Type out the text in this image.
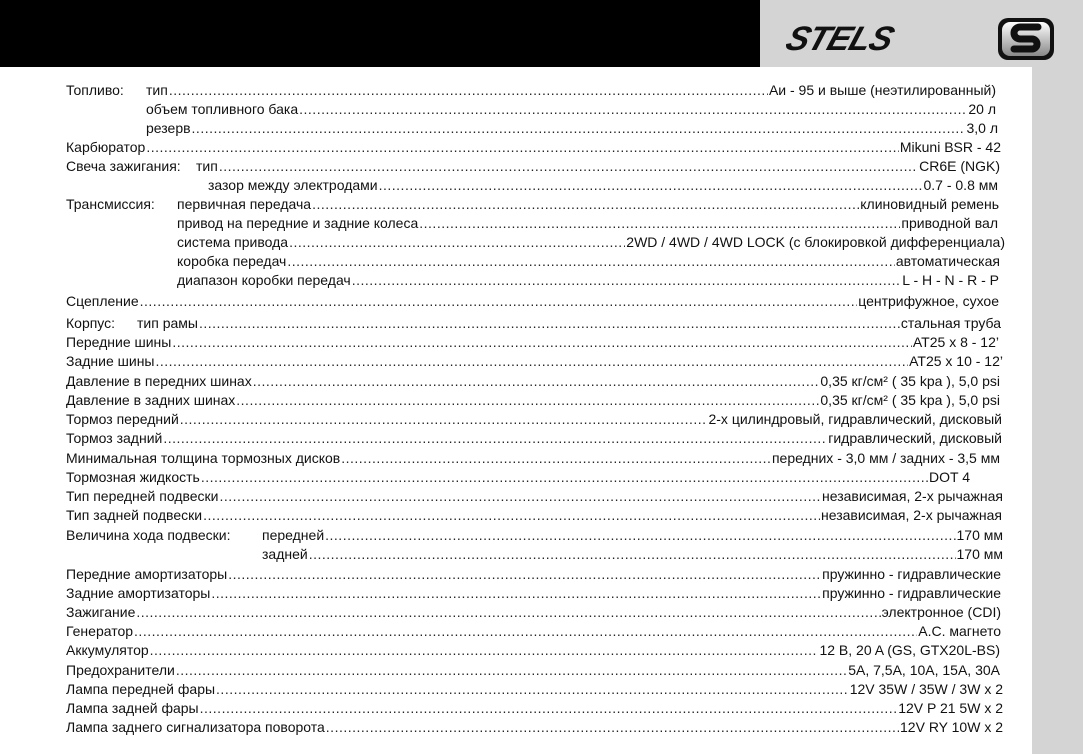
STELS
Топливо: тип .....	Аи - 95 и выше (неэтилированный)
объем топливного бака .....	20 л
резерв .....	3,0 л
Карбюратор .....	Mikuni BSR - 42
Свеча зажигания: тип .....	CR6E (NGK)
зазор между электродами .....	0.7 - 0.8 мм
Трансмиссия: первичная передача .....	клиновидный ремень
привод на передние и задние колеса .....	приводной вал
система привода .....	2WD / 4WD / 4WD LOCK (с блокировкой дифференциала)
коробка передач .....	автоматическая
диапазон коробки передач .....	L - H - N - R - P
Сцепление .....	центрифужное, сухое
Корпус: тип рамы .....	стальная труба
Передние шины .....	AT25 x 8 - 12’
Задние шины .....	AT25 x 10 - 12’
Давление в передних шинах .....	0,35 кг/см² ( 35 kpa ), 5,0 psi
Давление в задних шинах .....	0,35 кг/см² ( 35 kpa ), 5,0 psi
Тормоз передний .....	2-х цилиндровый, гидравлический, дисковый
Тормоз задний .....	гидравлический, дисковый
Минимальная толщина тормозных дисков .....	передних - 3,0 мм / задних - 3,5 мм
Тормозная жидкость .....	DOT 4
Тип передней подвески .....	независимая, 2-х рычажная
Тип задней подвески .....	независимая, 2-х рычажная
Величина хода подвески: передней .....	170 мм
задней .....	170 мм
Передние амортизаторы .....	пружинно - гидравлические
Задние амортизаторы .....	пружинно - гидравлические
Зажигание .....	электронное (CDI)
Генератор .....	A.C. магнето
Аккумулятор .....	12 B, 20 A (GS, GTX20L-BS)
Предохранители .....	5A, 7,5A, 10A, 15A, 30A
Лампа передней фары .....	12V 35W / 35W / 3W x 2
Лампа задней фары .....	12V P 21 5W x 2
Лампа заднего сигнализатора поворота .....	12V RY 10W x 2
